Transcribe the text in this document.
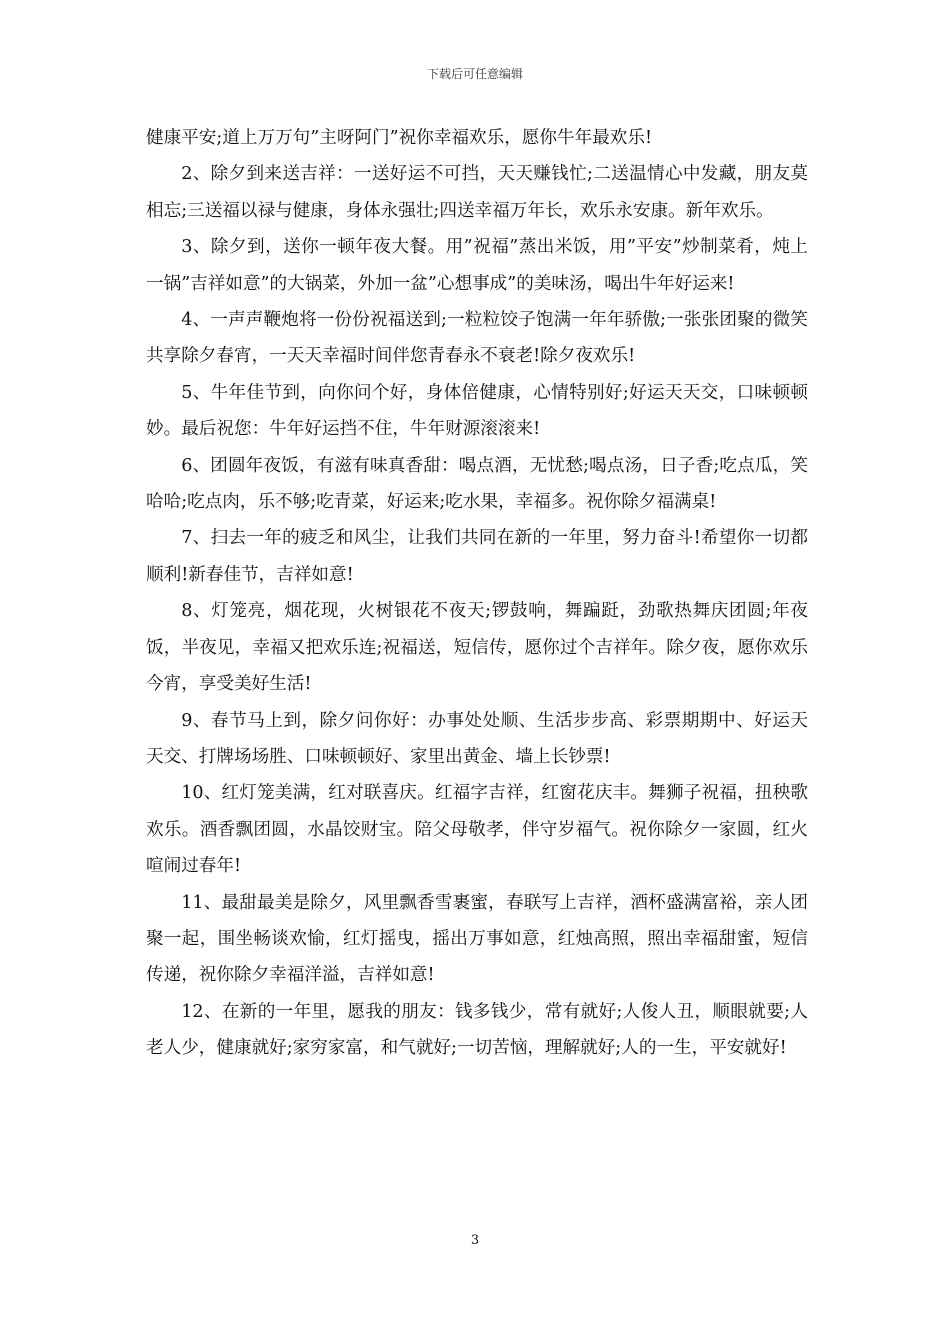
下载后可任意编辑

健康平安;道上万万句”主呀阿门”祝你幸福欢乐，愿你牛年最欢乐!

2、除夕到来送吉祥：一送好运不可挡，天天赚钱忙;二送温情心中发藏，朋友莫相忘;三送福以禄与健康，身体永强壮;四送幸福万年长，欢乐永安康。新年欢乐。

3、除夕到，送你一顿年夜大餐。用”祝福”蒸出米饭，用”平安”炒制菜肴，炖上一锅”吉祥如意”的大锅菜，外加一盆”心想事成”的美味汤，喝出牛年好运来!

4、一声声鞭炮将一份份祝福送到;一粒粒饺子饱满一年年骄傲;一张张团聚的微笑共享除夕春宵，一天天幸福时间伴您青春永不衰老!除夕夜欢乐!

5、牛年佳节到，向你问个好，身体倍健康，心情特别好;好运天天交，口味顿顿妙。最后祝您：牛年好运挡不住，牛年财源滚滚来!

6、团圆年夜饭，有滋有味真香甜：喝点酒，无忧愁;喝点汤，日子香;吃点瓜，笑哈哈;吃点肉，乐不够;吃青菜，好运来;吃水果，幸福多。祝你除夕福满桌!

7、扫去一年的疲乏和风尘，让我们共同在新的一年里，努力奋斗!希望你一切都顺利!新春佳节，吉祥如意!

8、灯笼亮，烟花现，火树银花不夜天;锣鼓响，舞蹁跹，劲歌热舞庆团圆;年夜饭，半夜见，幸福又把欢乐连;祝福送，短信传，愿你过个吉祥年。除夕夜，愿你欢乐今宵，享受美好生活!

9、春节马上到，除夕问你好：办事处处顺、生活步步高、彩票期期中、好运天天交、打牌场场胜、口味顿顿好、家里出黄金、墙上长钞票!

10、红灯笼美满，红对联喜庆。红福字吉祥，红窗花庆丰。舞狮子祝福，扭秧歌欢乐。酒香飘团圆，水晶饺财宝。陪父母敬孝，伴守岁福气。祝你除夕一家圆，红火喧闹过春年!

11、最甜最美是除夕，风里飘香雪裹蜜，春联写上吉祥，酒杯盛满富裕，亲人团聚一起，围坐畅谈欢愉，红灯摇曳，摇出万事如意，红烛高照，照出幸福甜蜜，短信传递，祝你除夕幸福洋溢，吉祥如意!

12、在新的一年里，愿我的朋友：钱多钱少，常有就好;人俊人丑，顺眼就要;人老人少，健康就好;家穷家富，和气就好;一切苦恼，理解就好;人的一生，平安就好!

3
